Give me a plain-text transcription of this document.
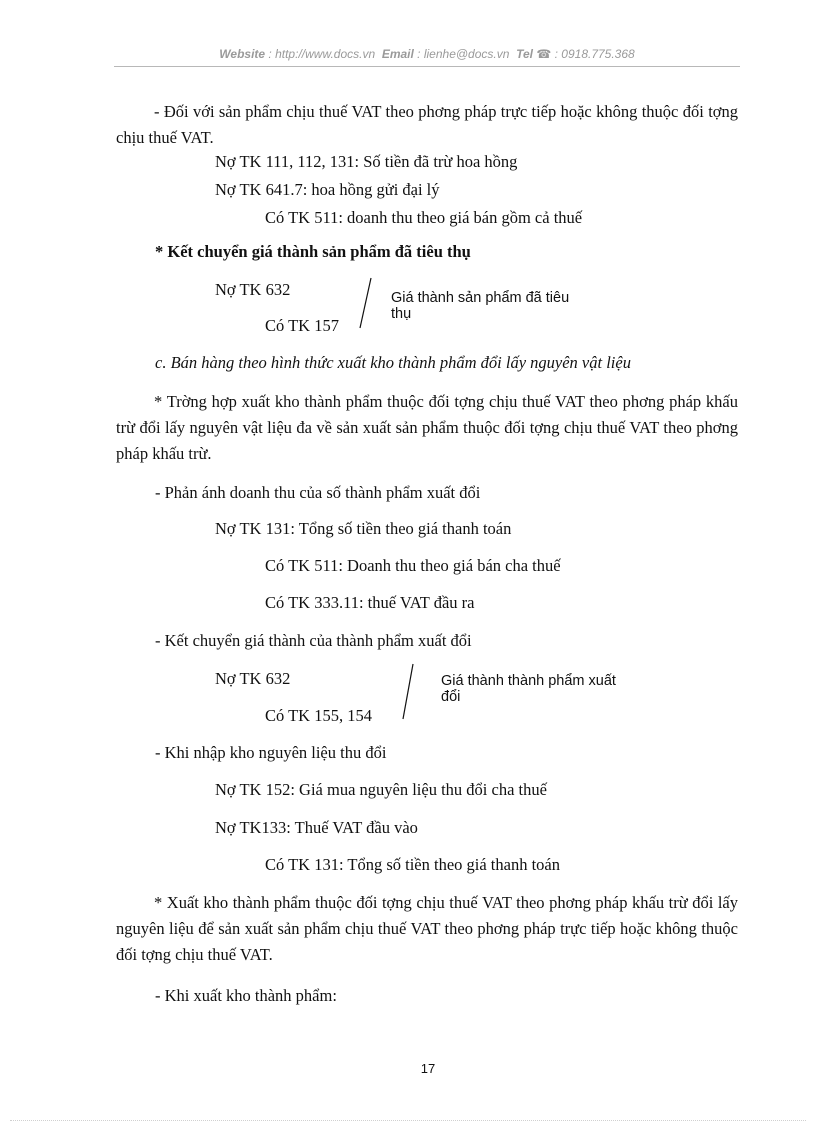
Website : http://www.docs.vn Email : lienhe@docs.vn Tel ☎ : 0918.775.368
- Đối với sản phẩm chịu thuế VAT theo phơng pháp trực tiếp hoặc không thuộc đối tợng chịu thuế VAT.
Nợ TK 111, 112, 131: Số tiền đã trừ hoa hồng
Nợ TK 641.7: hoa hồng gửi đại lý
Có TK 511: doanh thu theo giá bán gồm cả thuế
* Kết chuyển giá thành sản phẩm đã tiêu thụ
Nợ TK 632
Có TK 157
Giá thành sản phẩm đã tiêu thụ
c. Bán hàng theo hình thức xuất kho thành phẩm đổi lấy nguyên vật liệu
* Trờng hợp xuất kho thành phẩm thuộc đối tợng chịu thuế VAT theo phơng pháp khấu trừ đổi lấy nguyên vật liệu đa về sản xuất sản phẩm thuộc đối tợng chịu thuế VAT theo phơng pháp khấu trừ.
- Phản ánh doanh thu của số thành phẩm xuất đổi
Nợ TK 131: Tổng số tiền theo giá thanh toán
Có TK 511: Doanh thu theo giá bán cha thuế
Có TK 333.11: thuế VAT đầu ra
- Kết chuyển giá thành của thành phẩm xuất đổi
Nợ TK 632
Có TK 155, 154
Giá thành thành phẩm xuất đổi
- Khi nhập kho nguyên liệu thu đổi
Nợ TK 152: Giá mua nguyên liệu thu đổi cha thuế
Nợ TK133: Thuế VAT đầu vào
Có TK 131: Tổng số tiền theo giá thanh toán
* Xuất kho thành phẩm thuộc đối tợng chịu thuế VAT theo phơng pháp khấu trừ đổi lấy nguyên liệu để sản xuất sản phẩm chịu thuế VAT theo phơng pháp trực tiếp hoặc không thuộc đối tợng chịu thuế VAT.
- Khi xuất kho thành phẩm:
17
